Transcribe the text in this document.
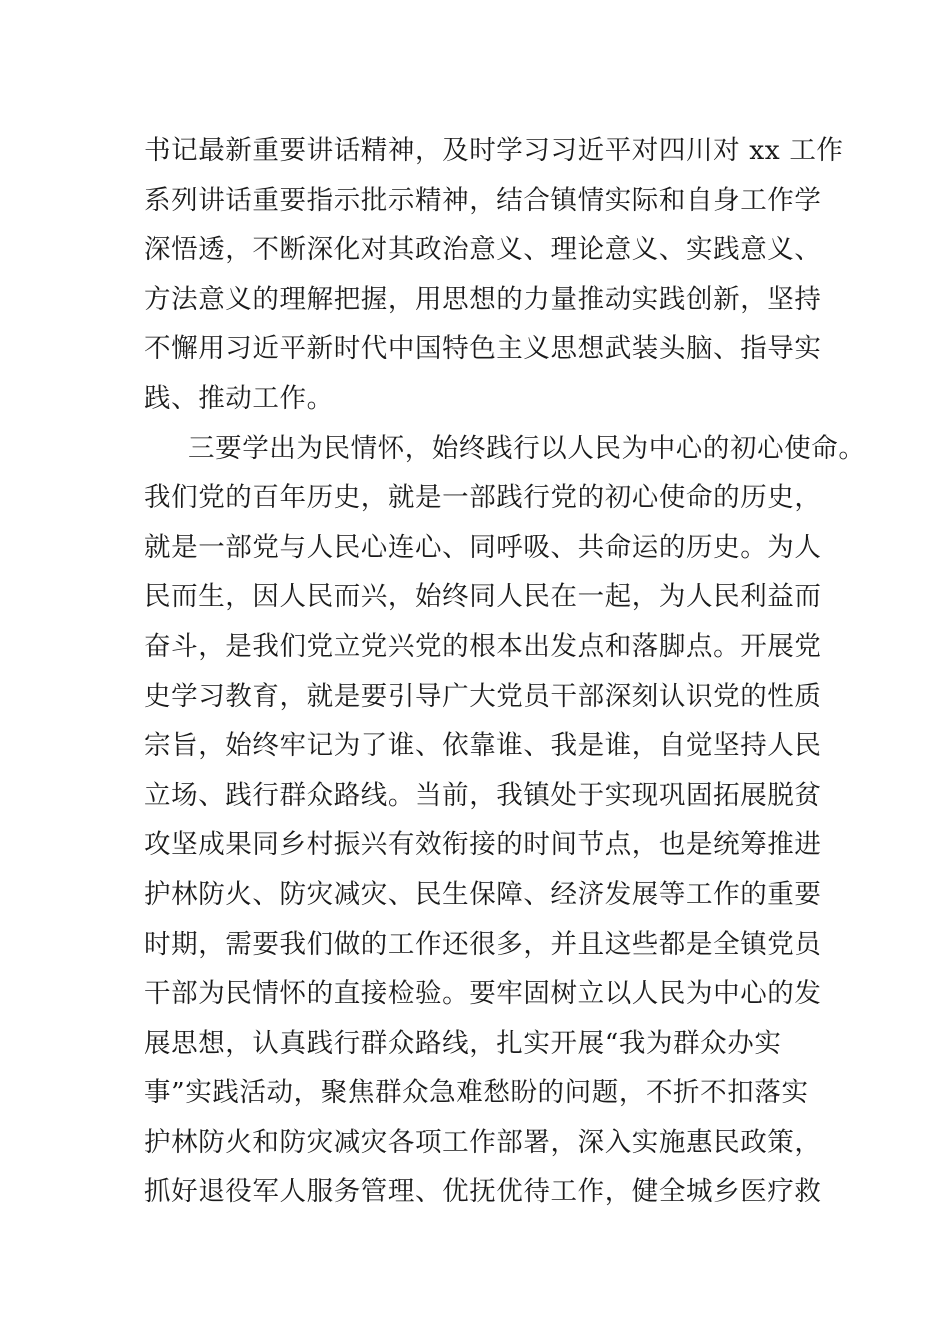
书记最新重要讲话精神，及时学习习近平对四川对 xx 工作
系列讲话重要指示批示精神，结合镇情实际和自身工作学
深悟透，不断深化对其政治意义、理论意义、实践意义、
方法意义的理解把握，用思想的力量推动实践创新，坚持
不懈用习近平新时代中国特色主义思想武装头脑、指导实
践、推动工作。
三要学出为民情怀，始终践行以人民为中心的初心使命。
我们党的百年历史，就是一部践行党的初心使命的历史，
就是一部党与人民心连心、同呼吸、共命运的历史。为人
民而生，因人民而兴，始终同人民在一起，为人民利益而
奋斗，是我们党立党兴党的根本出发点和落脚点。开展党
史学习教育，就是要引导广大党员干部深刻认识党的性质
宗旨，始终牢记为了谁、依靠谁、我是谁，自觉坚持人民
立场、践行群众路线。当前，我镇处于实现巩固拓展脱贫
攻坚成果同乡村振兴有效衔接的时间节点，也是统筹推进
护林防火、防灾减灾、民生保障、经济发展等工作的重要
时期，需要我们做的工作还很多，并且这些都是全镇党员
干部为民情怀的直接检验。要牢固树立以人民为中心的发
展思想，认真践行群众路线，扎实开展“我为群众办实
事”实践活动，聚焦群众急难愁盼的问题，不折不扣落实
护林防火和防灾减灾各项工作部署，深入实施惠民政策，
抓好退役军人服务管理、优抚优待工作，健全城乡医疗救
